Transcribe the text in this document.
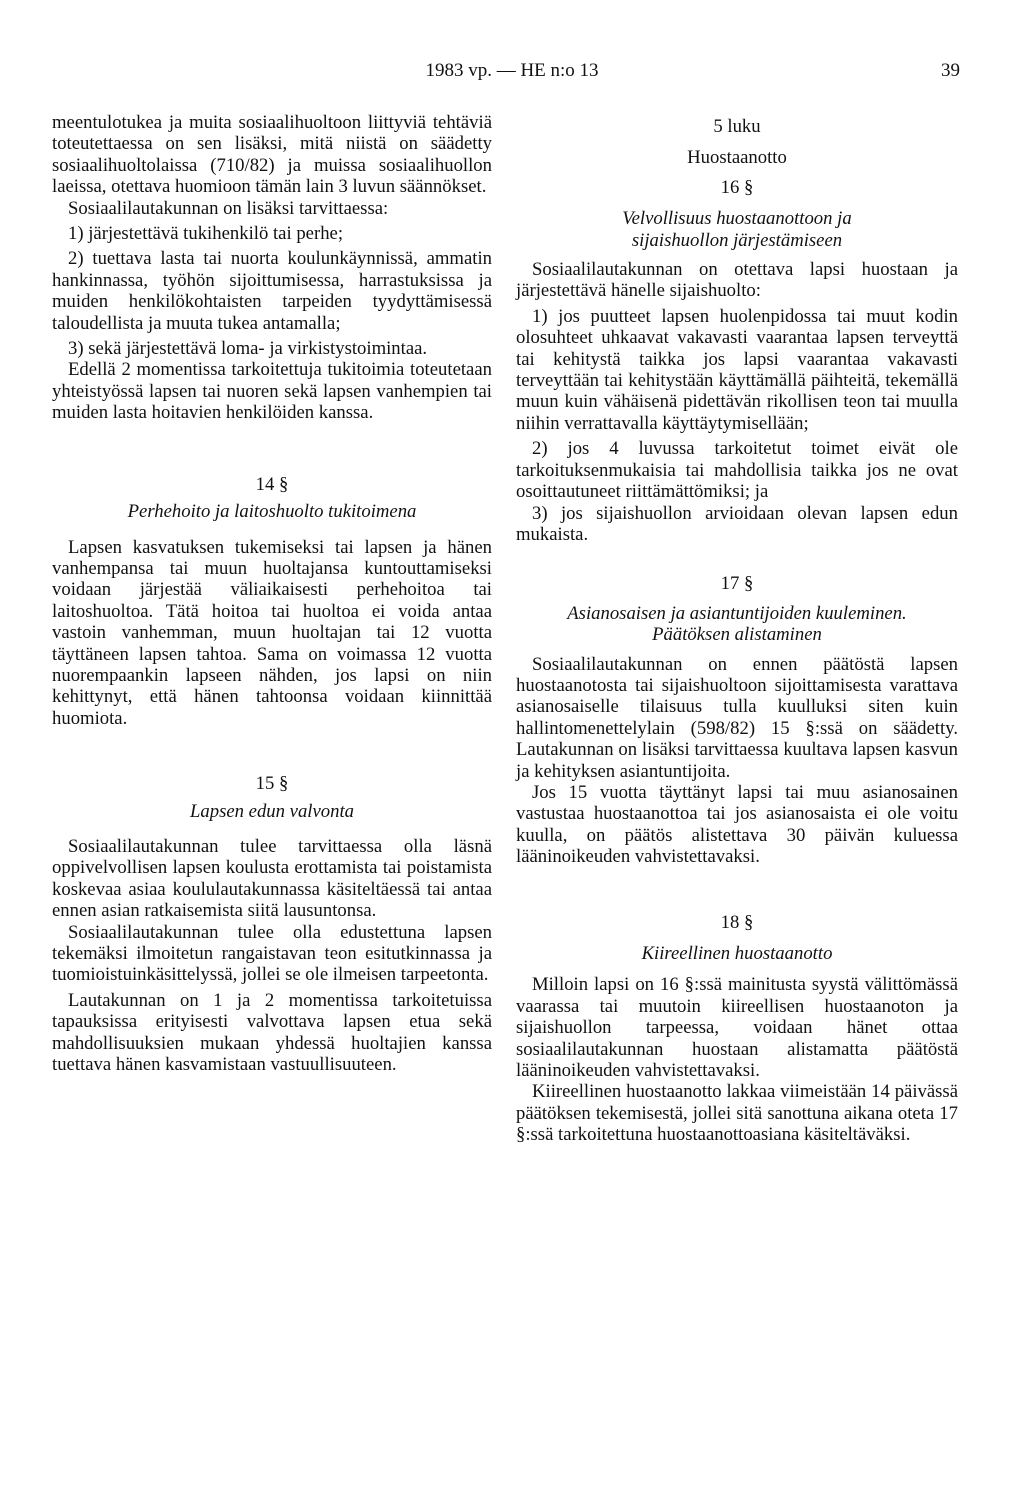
1983 vp. — HE n:o 13	39

meentulotukea ja muita sosiaalihuoltoon liittyviä tehtäviä toteutettaessa on sen lisäksi, mitä niistä on säädetty sosiaalihuoltolaissa (710/82) ja muissa sosiaalihuollon laeissa, otettava huomioon tämän lain 3 luvun säännökset.

Sosiaalilautakunnan on lisäksi tarvittaessa:

1) järjestettävä tukihenkilö tai perhe;

2) tuettava lasta tai nuorta koulunkäynnissä, ammatin hankinnassa, työhön sijoittumisessa, harrastuksissa ja muiden henkilökohtaisten tarpeiden tyydyttämisessä taloudellista ja muuta tukea antamalla;

3) sekä järjestettävä loma- ja virkistystoimintaa.

Edellä 2 momentissa tarkoitettuja tukitoimia toteutetaan yhteistyössä lapsen tai nuoren sekä lapsen vanhempien tai muiden lasta hoitavien henkilöiden kanssa.

14 §

Perhehoito ja laitoshuolto tukitoimena

Lapsen kasvatuksen tukemiseksi tai lapsen ja hänen vanhempansa tai muun huoltajansa kuntouttamiseksi voidaan järjestää väliaikaisesti perhehoitoa tai laitoshuoltoa. Tätä hoitoa tai huoltoa ei voida antaa vastoin vanhemman, muun huoltajan tai 12 vuotta täyttäneen lapsen tahtoa. Sama on voimassa 12 vuotta nuorempaankin lapseen nähden, jos lapsi on niin kehittynyt, että hänen tahtoonsa voidaan kiinnittää huomiota.

15 §

Lapsen edun valvonta

Sosiaalilautakunnan tulee tarvittaessa olla läsnä oppivelvollisen lapsen koulusta erottamista tai poistamista koskevaa asiaa koululautakunnassa käsiteltäessä tai antaa ennen asian ratkaisemista siitä lausuntonsa.

Sosiaalilautakunnan tulee olla edustettuna lapsen tekemäksi ilmoitetun rangaistavan teon esitutkinnassa ja tuomioistuinkäsittelyssä, jollei se ole ilmeisen tarpeetonta.

Lautakunnan on 1 ja 2 momentissa tarkoitetuissa tapauksissa erityisesti valvottava lapsen etua sekä mahdollisuuksien mukaan yhdessä huoltajien kanssa tuettava hänen kasvamistaan vastuullisuuteen.

5 luku

Huostaanotto

16 §

Velvollisuus huostaanottoon ja

sijaishuollon järjestämiseen

Sosiaalilautakunnan on otettava lapsi huostaan ja järjestettävä hänelle sijaishuolto:

1) jos puutteet lapsen huolenpidossa tai muut kodin olosuhteet uhkaavat vakavasti vaarantaa lapsen terveyttä tai kehitystä taikka jos lapsi vaarantaa vakavasti terveyttään tai kehitystään käyttämällä päihteitä, tekemällä muun kuin vähäisenä pidettävän rikollisen teon tai muulla niihin verrattavalla käyttäytymisellään;

2) jos 4 luvussa tarkoitetut toimet eivät ole tarkoituksenmukaisia tai mahdollisia taikka jos ne ovat osoittautuneet riittämättömiksi; ja

3) jos sijaishuollon arvioidaan olevan lapsen edun mukaista.

17 §

Asianosaisen ja asiantuntijoiden kuuleminen.

Päätöksen alistaminen

Sosiaalilautakunnan on ennen päätöstä lapsen huostaanotosta tai sijaishuoltoon sijoittamisesta varattava asianosaiselle tilaisuus tulla kuulluksi siten kuin hallintomenettelylain (598/82) 15 §:ssä on säädetty. Lautakunnan on lisäksi tarvittaessa kuultava lapsen kasvun ja kehityksen asiantuntijoita.

Jos 15 vuotta täyttänyt lapsi tai muu asianosainen vastustaa huostaanottoa tai jos asianosaista ei ole voitu kuulla, on päätös alistettava 30 päivän kuluessa lääninoikeuden vahvistettavaksi.

18 §

Kiireellinen huostaanotto

Milloin lapsi on 16 §:ssä mainitusta syystä välittömässä vaarassa tai muutoin kiireellisen huostaanoton ja sijaishuollon tarpeessa, voidaan hänet ottaa sosiaalilautakunnan huostaan alistamatta päätöstä lääninoikeuden vahvistettavaksi.

Kiireellinen huostaanotto lakkaa viimeistään 14 päivässä päätöksen tekemisestä, jollei sitä sanottuna aikana oteta 17 §:ssä tarkoitettuna huostaanottoasiana käsiteltäväksi.
